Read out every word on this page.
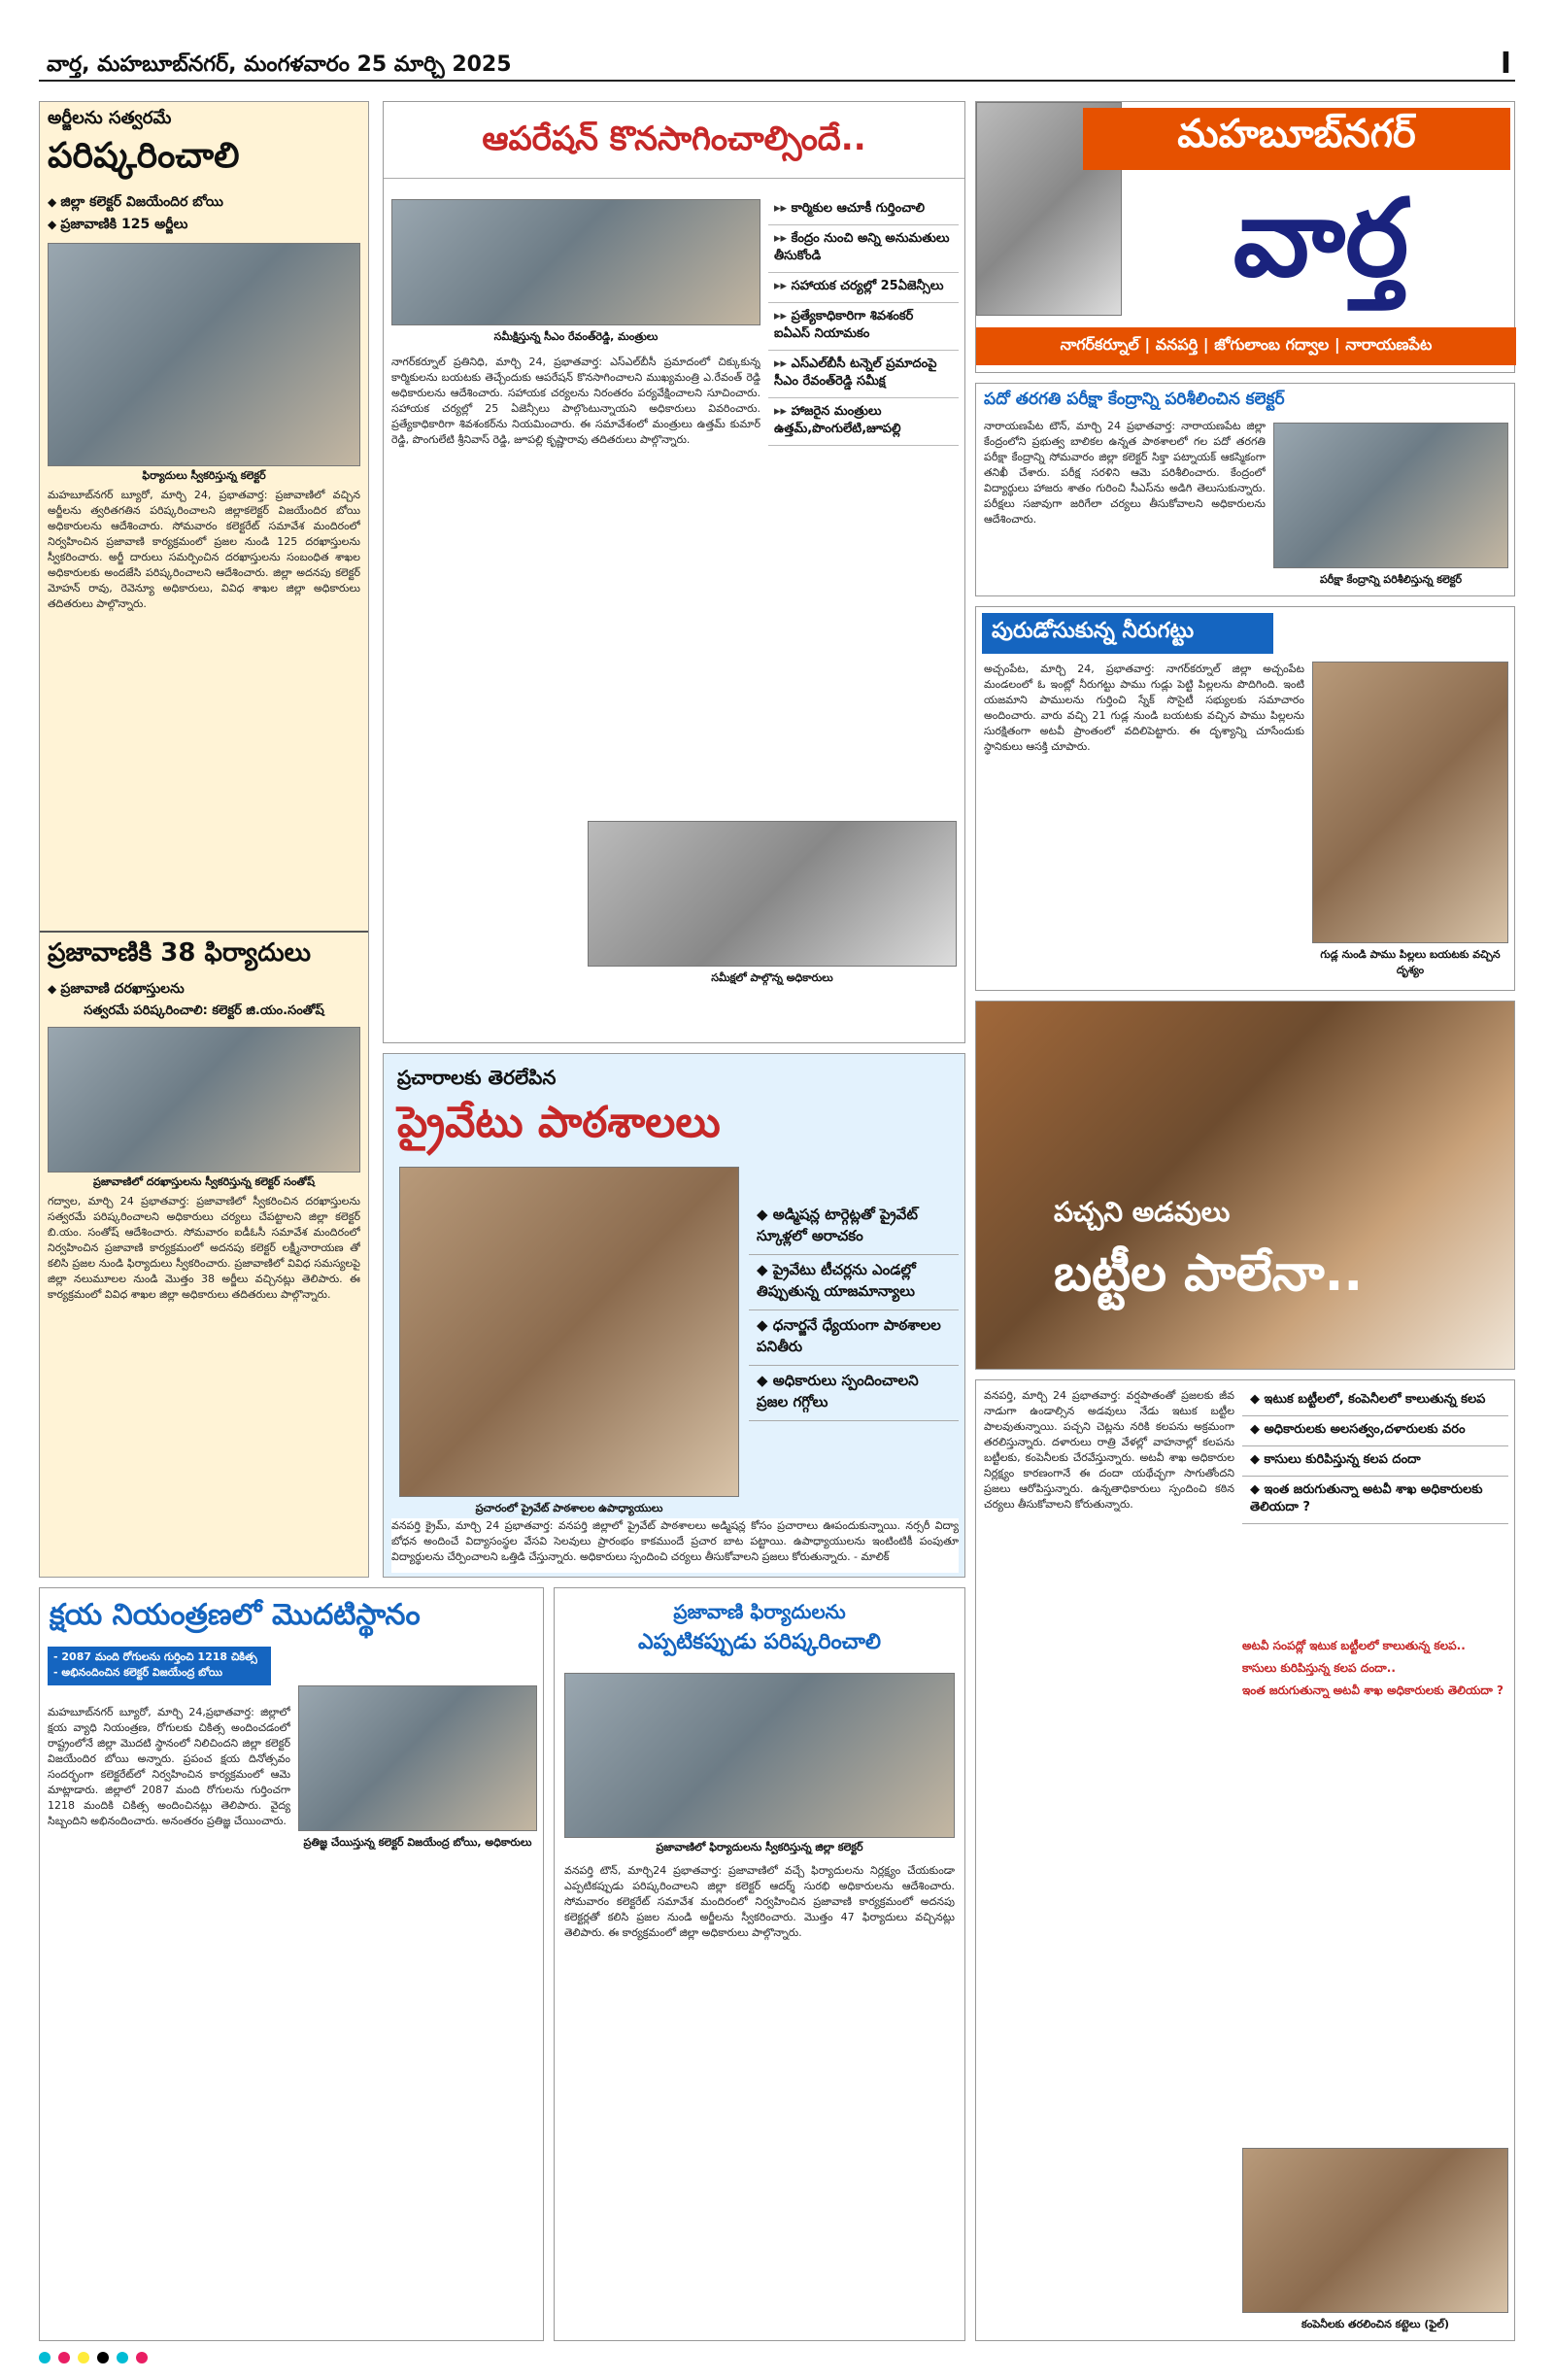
వార్త, మహబూబ్‌నగర్, మంగళవారం 25 మార్చి 2025	I
అర్జీలను సత్వరమే
పరిష్కరించాలి
◆ జిల్లా కలెక్టర్ విజయేందిర బోయి
◆ ప్రజావాణికి 125 అర్జీలు
ఫిర్యాదులు స్వీకరిస్తున్న కలెక్టర్
మహబూబ్‌నగర్ బ్యూరో, మార్చి 24, ప్రభాతవార్త: ప్రజావాణిలో వచ్చిన అర్జీలను త్వరితగతిన పరిష్కరించాలని జిల్లాకలెక్టర్ విజయేందిర బోయి అధికారులను ఆదేశించారు. సోమవారం కలెక్టరేట్ సమావేశ మందిరంలో నిర్వహించిన ప్రజావాణి కార్యక్రమంలో ప్రజల నుండి 125 దరఖాస్తులను స్వీకరించారు. అర్జీ దారులు సమర్పించిన దరఖాస్తులను సంబంధిత శాఖల అధికారులకు అందజేసి పరిష్కరించాలని ఆదేశించారు. జిల్లా అదనపు కలెక్టర్ మోహన్ రావు, రెవెన్యూ అధికారులు, వివిధ శాఖల జిల్లా అధికారులు తదితరులు పాల్గొన్నారు.
ప్రజావాణికి 38 ఫిర్యాదులు
◆ ప్రజావాణి దరఖాస్తులను
సత్వరమే పరిష్కరించాలి: కలెక్టర్ జి.యం.సంతోష్
ప్రజావాణిలో దరఖాస్తులను స్వీకరిస్తున్న కలెక్టర్ సంతోష్
గద్వాల, మార్చి 24 ప్రభాతవార్త: ప్రజావాణిలో స్వీకరించిన దరఖాస్తులను సత్వరమే పరిష్కరించాలని అధికారులు చర్యలు చేపట్టాలని జిల్లా కలెక్టర్ బి.యం. సంతోష్ ఆదేశించారు. సోమవారం ఐడీఓసీ సమావేశ మందిరంలో నిర్వహించిన ప్రజావాణి కార్యక్రమంలో అదనపు కలెక్టర్ లక్ష్మీనారాయణ తో కలిసి ప్రజల నుండి ఫిర్యాదులు స్వీకరించారు. ప్రజావాణిలో వివిధ సమస్యలపై జిల్లా నలుమూలల నుండి మొత్తం 38 అర్జీలు వచ్చినట్లు తెలిపారు. ఈ కార్యక్రమంలో వివిధ శాఖల జిల్లా అధికారులు తదితరులు పాల్గొన్నారు.
ఆపరేషన్ కొనసాగించాల్సిందే..
సమీక్షిస్తున్న సీఎం రేవంత్‌రెడ్డి, మంత్రులు
▸▸ కార్మికుల ఆచూకీ గుర్తించాలి
▸▸ కేంద్రం నుంచి అన్ని అనుమతులు తీసుకోండి
▸▸ సహాయక చర్యల్లో 25ఏజెన్సీలు
▸▸ ప్రత్యేకాధికారిగా శివశంకర్ ఐఏఎస్ నియామకం
▸▸ ఎస్‌ఎల్‌బీసీ టన్నెల్ ప్రమాదంపై సీఎం రేవంత్‌రెడ్డి సమీక్ష
▸▸ హాజరైన మంత్రులు ఉత్తమ్,పొంగులేటి,జూపల్లి
నాగర్‌కర్నూల్ ప్రతినిధి, మార్చి 24, ప్రభాతవార్త: ఎస్‌ఎల్‌బీసీ ప్రమాదంలో చిక్కుకున్న కార్మికులను బయటకు తెచ్చేందుకు ఆపరేషన్ కొనసాగించాలని ముఖ్యమంత్రి ఎ.రేవంత్ రెడ్డి అధికారులను ఆదేశించారు. సహాయక చర్యలను నిరంతరం పర్యవేక్షించాలని సూచించారు. సహాయక చర్యల్లో 25 ఏజెన్సీలు పాల్గొంటున్నాయని అధికారులు వివరించారు. ప్రత్యేకాధికారిగా శివశంకర్‌ను నియమించారు. ఈ సమావేశంలో మంత్రులు ఉత్తమ్ కుమార్ రెడ్డి, పొంగులేటి శ్రీనివాస్ రెడ్డి, జూపల్లి కృష్ణారావు తదితరులు పాల్గొన్నారు.
సమీక్షలో పాల్గొన్న అధికారులు
మహబూబ్‌నగర్
వార్త
నాగర్‌కర్నూల్ | వనపర్తి | జోగులాంబ గద్వాల | నారాయణపేట
పదో తరగతి పరీక్షా కేంద్రాన్ని పరిశీలించిన కలెక్టర్
నారాయణపేట టౌన్, మార్చి 24 ప్రభాతవార్త: నారాయణపేట జిల్లా కేంద్రంలోని ప్రభుత్వ బాలికల ఉన్నత పాఠశాలలో గల పదో తరగతి పరీక్షా కేంద్రాన్ని సోమవారం జిల్లా కలెక్టర్ సిక్తా పట్నాయక్ ఆకస్మికంగా తనిఖీ చేశారు. పరీక్ష సరళిని ఆమె పరిశీలించారు. కేంద్రంలో విద్యార్థులు హాజరు శాతం గురించి సీఎస్‌ను అడిగి తెలుసుకున్నారు. పరీక్షలు సజావుగా జరిగేలా చర్యలు తీసుకోవాలని అధికారులను ఆదేశించారు.
పరీక్షా కేంద్రాన్ని పరిశీలిస్తున్న కలెక్టర్
పురుడోసుకున్న నీరుగట్టు
అచ్చంపేట, మార్చి 24, ప్రభాతవార్త: నాగర్‌కర్నూల్ జిల్లా అచ్చంపేట మండలంలో ఓ ఇంట్లో నీరుగట్టు పాము గుడ్లు పెట్టి పిల్లలను పొదిగింది. ఇంటి యజమాని పాములను గుర్తించి స్నేక్ సొసైటీ సభ్యులకు సమాచారం అందించారు. వారు వచ్చి 21 గుడ్ల నుండి బయటకు వచ్చిన పాము పిల్లలను సురక్షితంగా అటవీ ప్రాంతంలో వదిలిపెట్టారు. ఈ దృశ్యాన్ని చూసేందుకు స్థానికులు ఆసక్తి చూపారు.
గుడ్ల నుండి పాము పిల్లలు బయటకు వచ్చిన దృశ్యం
ప్రచారాలకు తెరలేపిన
ప్రైవేటు పాఠశాలలు
ప్రచారంలో ప్రైవేట్ పాఠశాలల ఉపాధ్యాయులు
◆ అడ్మిషన్ల టార్గెట్లతో ప్రైవేట్ స్కూళ్లలో అరాచకం
◆ ప్రైవేటు టీచర్లను ఎండల్లో తిప్పుతున్న యాజమాన్యాలు
◆ ధనార్జనే ధ్యేయంగా పాఠశాలల పనితీరు
◆ అధికారులు స్పందించాలని ప్రజల గగ్గోలు
వనపర్తి క్రైమ్, మార్చి 24 ప్రభాతవార్త: వనపర్తి జిల్లాలో ప్రైవేట్ పాఠశాలలు అడ్మిషన్ల కోసం ప్రచారాలు ఊపందుకున్నాయి. నర్సరీ విద్యా బోధన అందించే విద్యాసంస్థల వేసవి సెలవులు ప్రారంభం కాకముందే ప్రచార బాట పట్టాయి. ఉపాధ్యాయులను ఇంటింటికీ పంపుతూ విద్యార్థులను చేర్పించాలని ఒత్తిడి చేస్తున్నారు. అధికారులు స్పందించి చర్యలు తీసుకోవాలని ప్రజలు కోరుతున్నారు. - మాలిక్
పచ్చని అడవులు
బట్టీల పాలేనా..
వనపర్తి, మార్చి 24 ప్రభాతవార్త: వర్షపాతంతో ప్రజలకు జీవ నాడుగా ఉండాల్సిన అడవులు నేడు ఇటుక బట్టీల పాలవుతున్నాయి. పచ్చని చెట్లను నరికి కలపను అక్రమంగా తరలిస్తున్నారు. దళారులు రాత్రి వేళల్లో వాహనాల్లో కలపను బట్టీలకు, కంపెనీలకు చేరవేస్తున్నారు. అటవీ శాఖ అధికారుల నిర్లక్ష్యం కారణంగానే ఈ దందా యథేచ్ఛగా సాగుతోందని ప్రజలు ఆరోపిస్తున్నారు. ఉన్నతాధికారులు స్పందించి కఠిన చర్యలు తీసుకోవాలని కోరుతున్నారు.
◆ ఇటుక బట్టీలలో, కంపెనీలలో కాలుతున్న కలప
◆ అధికారులకు అలసత్వం,దళారులకు వరం
◆ కాసులు కురిపిస్తున్న కలప దందా
◆ ఇంత జరుగుతున్నా అటవీ శాఖ అధికారులకు తెలియదా ?
అటవీ సంపద్లో ఇటుక బట్టీలలో కాలుతున్న కలప..
కాసులు కురిపిస్తున్న కలప దందా..
ఇంత జరుగుతున్నా అటవీ శాఖ అధికారులకు తెలియదా ?
కంపెనీలకు తరలించిన కట్టెలు (ఫైల్)
క్షయ నియంత్రణలో మొదటిస్థానం
- 2087 మంది రోగులను గుర్తించి 1218 చికిత్స
- అభినందించిన కలెక్టర్ విజయేంద్ర బోయి
మహబూబ్‌నగర్ బ్యూరో, మార్చి 24,ప్రభాతవార్త: జిల్లాలో క్షయ వ్యాధి నియంత్రణ, రోగులకు చికిత్స అందించడంలో రాష్ట్రంలోనే జిల్లా మొదటి స్థానంలో నిలిచిందని జిల్లా కలెక్టర్ విజయేందిర బోయి అన్నారు. ప్రపంచ క్షయ దినోత్సవం సందర్భంగా కలెక్టరేట్‌లో నిర్వహించిన కార్యక్రమంలో ఆమె మాట్లాడారు. జిల్లాలో 2087 మంది రోగులను గుర్తించగా 1218 మందికి చికిత్స అందించినట్లు తెలిపారు. వైద్య సిబ్బందిని అభినందించారు. అనంతరం ప్రతిజ్ఞ చేయించారు.
ప్రతిజ్ఞ చేయిస్తున్న కలెక్టర్ విజయేంద్ర బోయి, అధికారులు
ప్రజావాణి ఫిర్యాదులను
ఎప్పటికప్పుడు పరిష్కరించాలి
ప్రజావాణిలో ఫిర్యాదులను స్వీకరిస్తున్న జిల్లా కలెక్టర్
వనపర్తి టౌన్, మార్చి24 ప్రభాతవార్త: ప్రజావాణిలో వచ్చే ఫిర్యాదులను నిర్లక్ష్యం చేయకుండా ఎప్పటికప్పుడు పరిష్కరించాలని జిల్లా కలెక్టర్ ఆదర్శ్ సురభి అధికారులను ఆదేశించారు. సోమవారం కలెక్టరేట్ సమావేశ మందిరంలో నిర్వహించిన ప్రజావాణి కార్యక్రమంలో అదనపు కలెక్టర్లతో కలిసి ప్రజల నుండి అర్జీలను స్వీకరించారు. మొత్తం 47 ఫిర్యాదులు వచ్చినట్లు తెలిపారు. ఈ కార్యక్రమంలో జిల్లా అధికారులు పాల్గొన్నారు.
